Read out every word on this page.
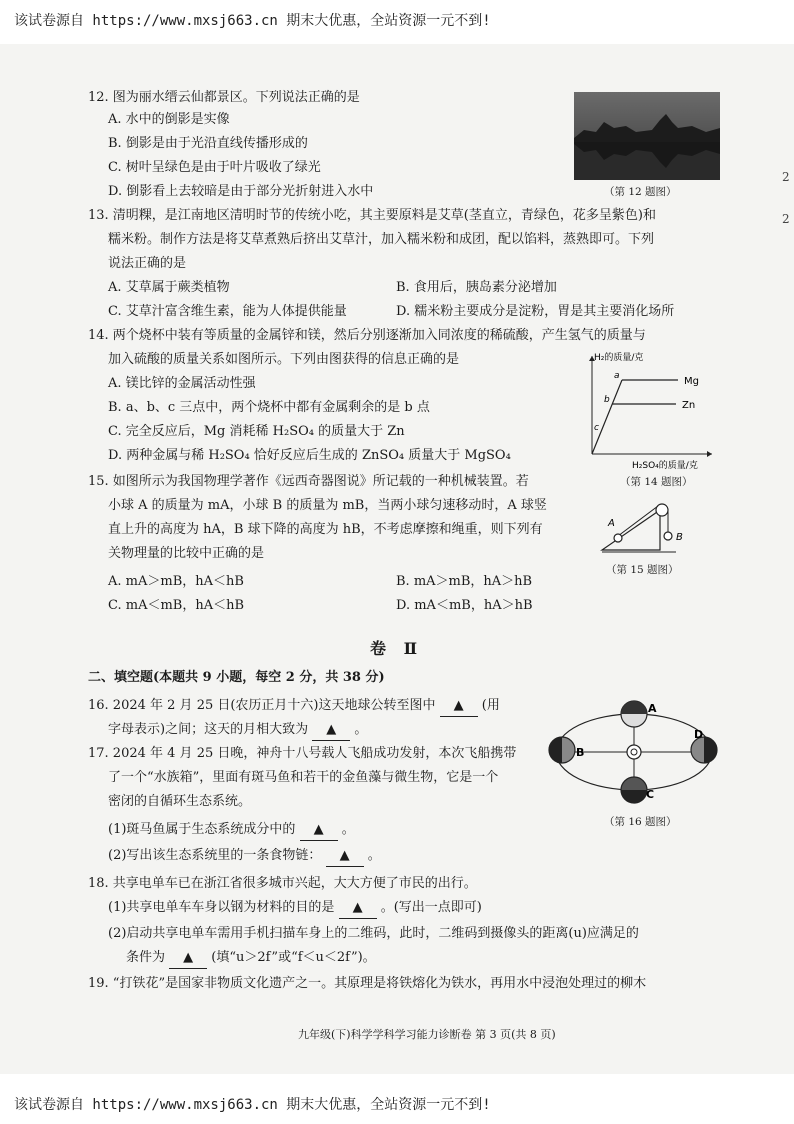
该试卷源自 https://www.mxsj663.cn 期末大优惠，全站资源一元不到!
2
2
12. 图为丽水缙云仙都景区。下列说法正确的是
A. 水中的倒影是实像
B. 倒影是由于光沿直线传播形成的
C. 树叶呈绿色是由于叶片吸收了绿光
D. 倒影看上去较暗是由于部分光折射进入水中	（第 12 题图）
13. 清明粿，是江南地区清明时节的传统小吃，其主要原料是艾草(茎直立，青绿色，花多呈紫色)和
糯米粉。制作方法是将艾草煮熟后挤出艾草汁，加入糯米粉和成团，配以馅料，蒸熟即可。下列
说法正确的是
A. 艾草属于蕨类植物	B. 食用后，胰岛素分泌增加
C. 艾草汁富含维生素，能为人体提供能量	D. 糯米粉主要成分是淀粉，胃是其主要消化场所
14. 两个烧杯中装有等质量的金属锌和镁，然后分别逐渐加入同浓度的稀硫酸，产生氢气的质量与
加入硫酸的质量关系如图所示。下列由图获得的信息正确的是
A. 镁比锌的金属活动性强
B. a、b、c 三点中，两个烧杯中都有金属剩余的是 b 点
C. 完全反应后，Mg 消耗稀 H₂SO₄ 的质量大于 Zn
D. 两种金属与稀 H₂SO₄ 恰好反应后生成的 ZnSO₄ 质量大于 MgSO₄
H₂的质量/克
H₂SO₄的质量/克
Mg
Zn
a
b
c
（第 14 题图）
15. 如图所示为我国物理学著作《远西奇器图说》所记载的一种机械装置。若
小球 A 的质量为 mA，小球 B 的质量为 mB，当两小球匀速移动时，A 球竖
直上升的高度为 hA，B 球下降的高度为 hB，不考虑摩擦和绳重，则下列有
关物理量的比较中正确的是
A. mA＞mB，hA＜hB	B. mA＞mB，hA＞hB
C. mA＜mB，hA＜hB	D. mA＜mB，hA＞hB
A
B
（第 15 题图）
卷 Ⅱ
二、填空题(本题共 9 小题，每空 2 分，共 38 分)
16. 2024 年 2 月 25 日(农历正月十六)这天地球公转至图中 ▲ (用
字母表示)之间；这天的月相大致为 ▲ 。
A
B
C
D
（第 16 题图）
17. 2024 年 4 月 25 日晚，神舟十八号载人飞船成功发射，本次飞船携带
了一个“水族箱”，里面有斑马鱼和若干的金鱼藻与微生物，它是一个
密闭的自循环生态系统。
(1)斑马鱼属于生态系统成分中的 ▲ 。
(2)写出该生态系统里的一条食物链： ▲ 。
18. 共享电单车已在浙江省很多城市兴起，大大方便了市民的出行。
(1)共享电单车车身以钢为材料的目的是 ▲ 。(写出一点即可)
(2)启动共享电单车需用手机扫描车身上的二维码，此时，二维码到摄像头的距离(u)应满足的
条件为 ▲ (填“u＞2f”或“f＜u＜2f”)。
19. “打铁花”是国家非物质文化遗产之一。其原理是将铁熔化为铁水，再用水中浸泡处理过的柳木
九年级(下)科学学科学习能力诊断卷 第 3 页(共 8 页)
该试卷源自 https://www.mxsj663.cn 期末大优惠，全站资源一元不到!
